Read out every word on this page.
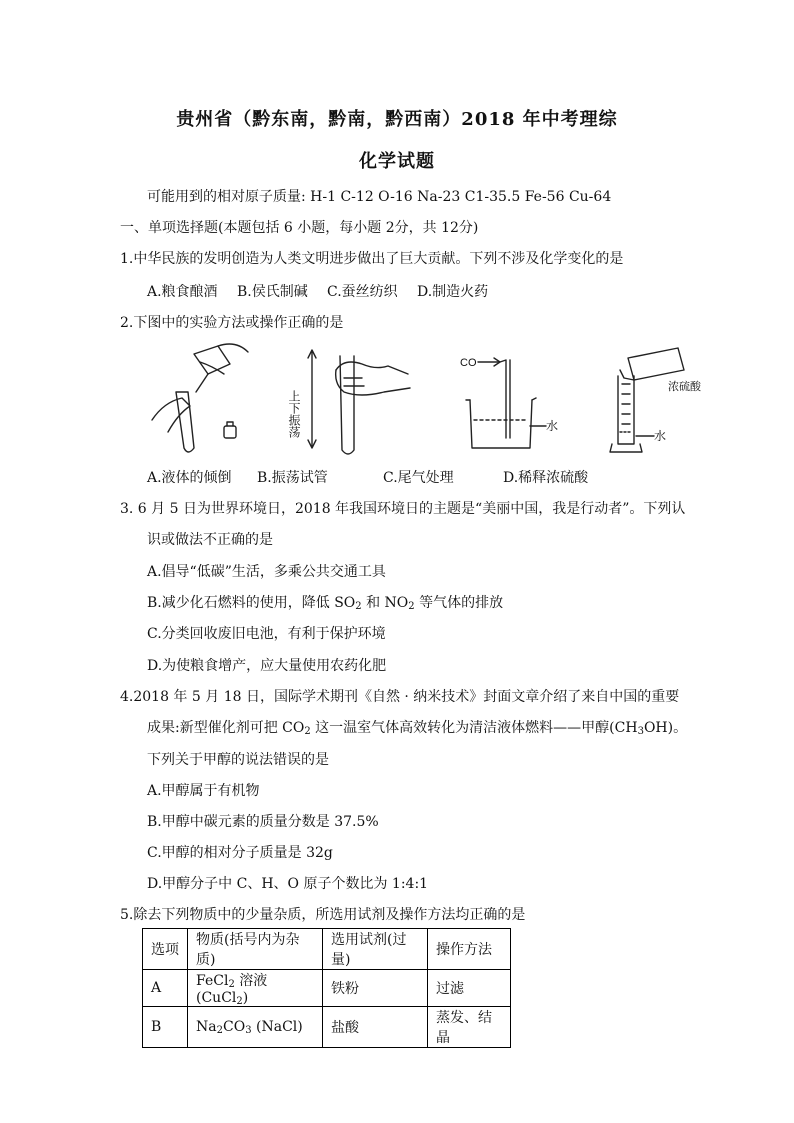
贵州省（黔东南，黔南，黔西南）2018 年中考理综
化学试题
可能用到的相对原子质量: H-1 C-12 O-16 Na-23 C1-35.5 Fe-56 Cu-64
一、单项选择题(本题包括 6 小题，每小题 2分，共 12分)
1.中华民族的发明创造为人类文明进步做出了巨大贡献。下列不涉及化学变化的是
A.粮食酿酒 B.侯氏制碱 C.蚕丝纺织 D.制造火药
2.下图中的实验方法或操作正确的是
CO
水
浓硫酸
水
上下振荡
A.液体的倾倒 B.振荡试管	C.尾气处理	D.稀释浓硫酸
3. 6 月 5 日为世界环境日，2018 年我国环境日的主题是“美丽中国，我是行动者”。下列认
识或做法不正确的是
A.倡导“低碳”生活，多乘公共交通工具
B.减少化石燃料的使用，降低 $SO_2$ 和 $NO_2$ 等气体的排放
C.分类回收废旧电池，有利于保护环境
D.为使粮食增产，应大量使用农药化肥
4.2018 年 5 月 18 日，国际学术期刊《自然 · 纳米技术》封面文章介绍了来自中国的重要
成果:新型催化剂可把 $CO_2$ 这一温室气体高效转化为清洁液体燃料——甲醇$(CH_3OH)$。
下列关于甲醇的说法错误的是
A.甲醇属于有机物
B.甲醇中碳元素的质量分数是 37.5%
C.甲醇的相对分子质量是 32g
D.甲醇分子中 C、H、O 原子个数比为 1:4:1
5.除去下列物质中的少量杂质，所选用试剂及操作方法均正确的是
选项	物质(括号内为杂质)	选用试剂(过量)	操作方法
A	FeCl$_2$ 溶液(CuCl$_2$)	铁粉	过滤
B	$Na_2CO_3$ (NaCl)	盐酸	蒸发、结晶
